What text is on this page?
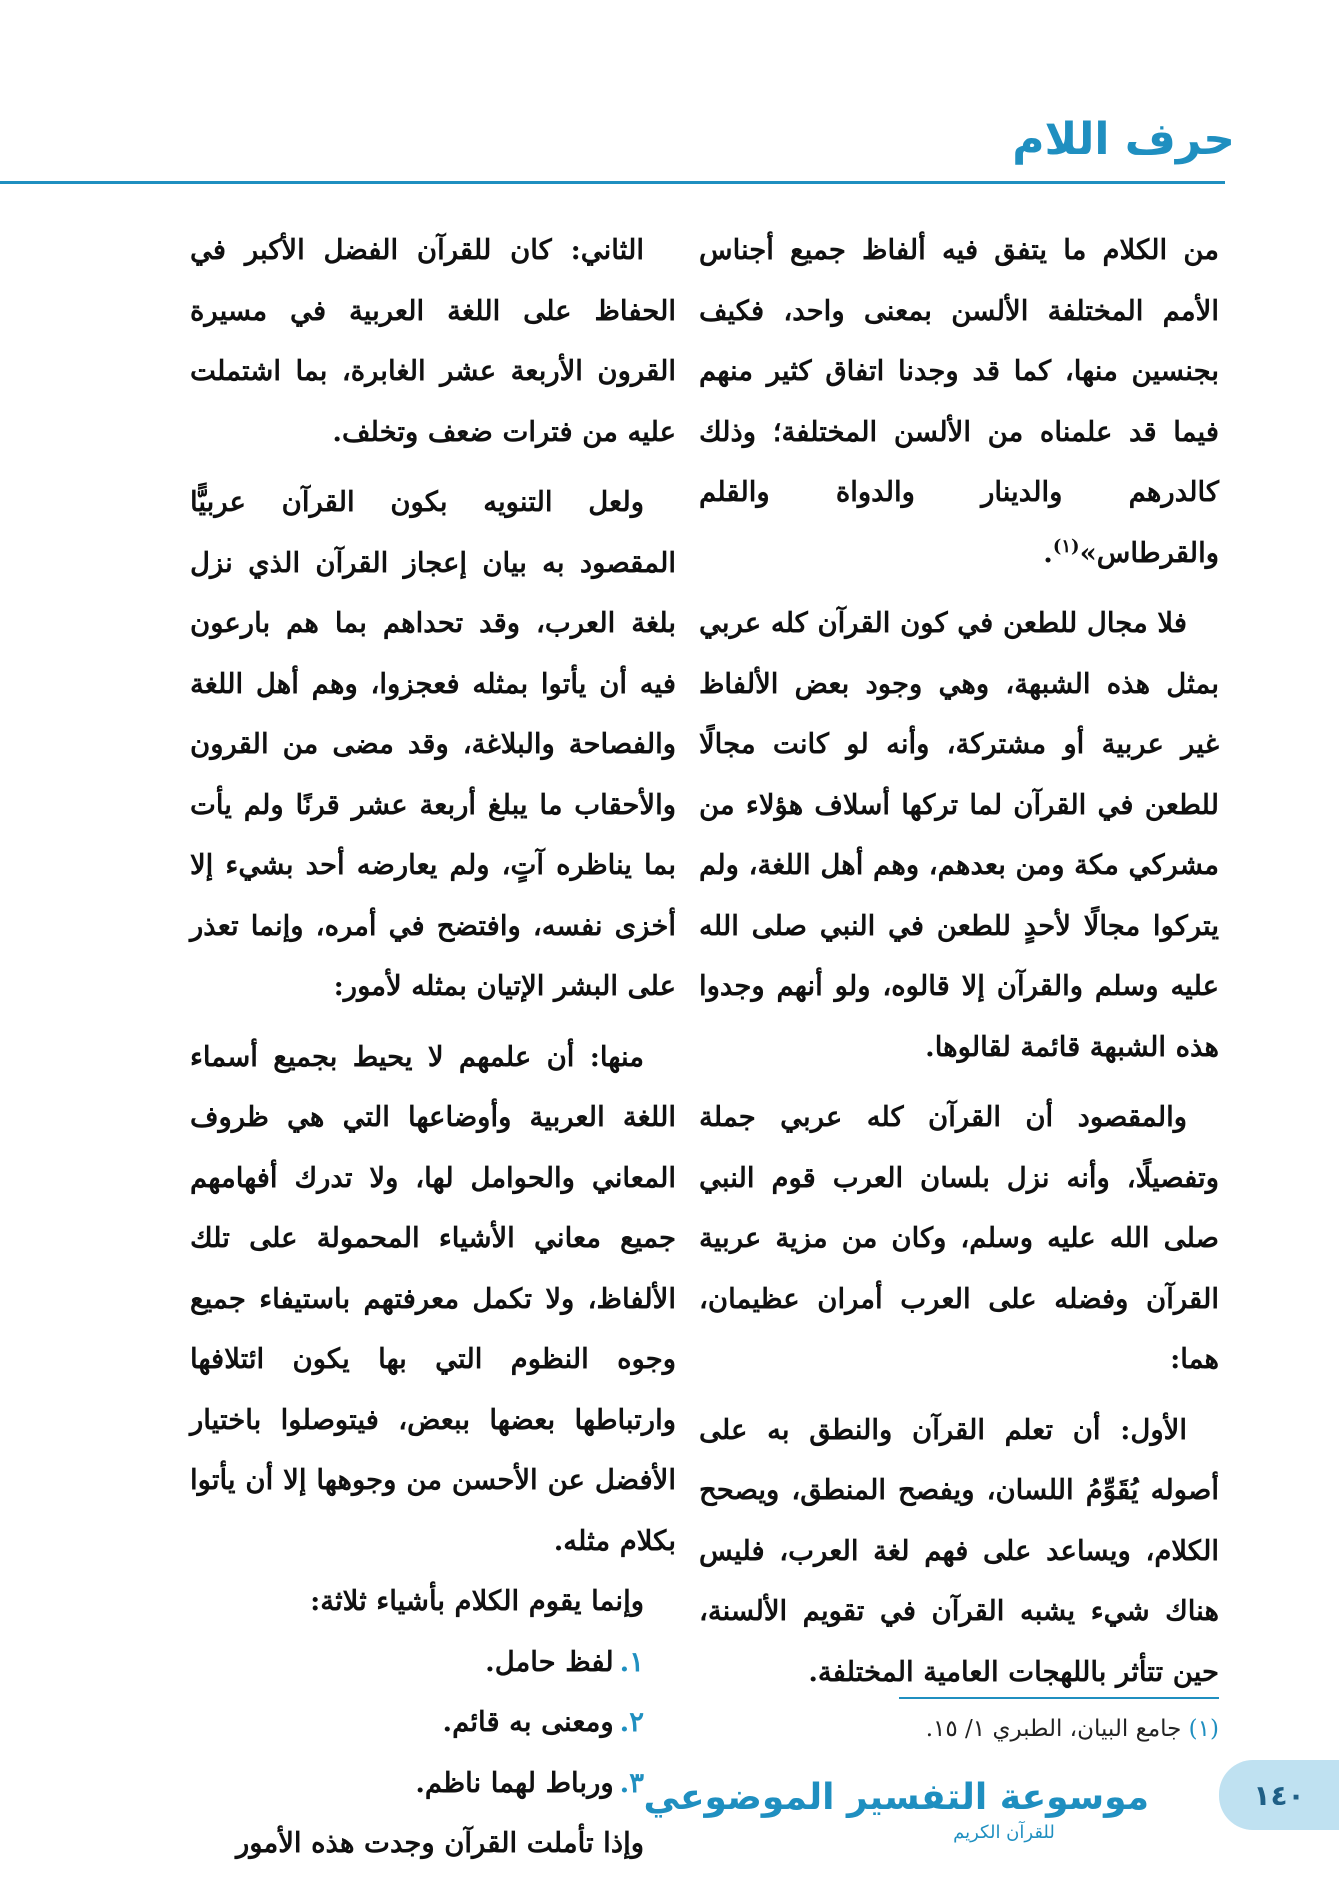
حرف اللام

من الكلام ما يتفق فيه ألفاظ جميع أجناس الأمم المختلفة الألسن بمعنى واحد، فكيف بجنسين منها، كما قد وجدنا اتفاق كثير منهم فيما قد علمناه من الألسن المختلفة؛ وذلك كالدرهم والدينار والدواة والقلم والقرطاس»$^{(١)}$.

فلا مجال للطعن في كون القرآن كله عربي بمثل هذه الشبهة، وهي وجود بعض الألفاظ غير عربية أو مشتركة، وأنه لو كانت مجالًا للطعن في القرآن لما تركها أسلاف هؤلاء من مشركي مكة ومن بعدهم، وهم أهل اللغة، ولم يتركوا مجالًا لأحدٍ للطعن في النبي صلى الله عليه وسلم والقرآن إلا قالوه، ولو أنهم وجدوا هذه الشبهة قائمة لقالوها.

والمقصود أن القرآن كله عربي جملة وتفصيلًا، وأنه نزل بلسان العرب قوم النبي صلى الله عليه وسلم، وكان من مزية عربية القرآن وفضله على العرب أمران عظيمان، هما:

الأول: أن تعلم القرآن والنطق به على أصوله يُقَوِّمُ اللسان، ويفصح المنطق، ويصحح الكلام، ويساعد على فهم لغة العرب، فليس هناك شيء يشبه القرآن في تقويم الألسنة، حين تتأثر باللهجات العامية المختلفة.

الثاني: كان للقرآن الفضل الأكبر في الحفاظ على اللغة العربية في مسيرة القرون الأربعة عشر الغابرة، بما اشتملت عليه من فترات ضعف وتخلف.

ولعل التنويه بكون القرآن عربيًّا المقصود به بيان إعجاز القرآن الذي نزل بلغة العرب، وقد تحداهم بما هم بارعون فيه أن يأتوا بمثله فعجزوا، وهم أهل اللغة والفصاحة والبلاغة، وقد مضى من القرون والأحقاب ما يبلغ أربعة عشر قرنًا ولم يأت بما يناظره آتٍ، ولم يعارضه أحد بشيء إلا أخزى نفسه، وافتضح في أمره، وإنما تعذر على البشر الإتيان بمثله لأمور:

منها: أن علمهم لا يحيط بجميع أسماء اللغة العربية وأوضاعها التي هي ظروف المعاني والحوامل لها، ولا تدرك أفهامهم جميع معاني الأشياء المحمولة على تلك الألفاظ، ولا تكمل معرفتهم باستيفاء جميع وجوه النظوم التي بها يكون ائتلافها وارتباطها بعضها ببعض، فيتوصلوا باختيار الأفضل عن الأحسن من وجوهها إلا أن يأتوا بكلام مثله.

وإنما يقوم الكلام بأشياء ثلاثة:

١.لفظ حامل.

٢.ومعنى به قائم.

٣.ورباط لهما ناظم.

وإذا تأملت القرآن وجدت هذه الأمور

(١) جامع البيان، الطبري ١/ ١٥.
موسوعة التفسير الموضوعي
للقرآن الكريم
١٤٠
